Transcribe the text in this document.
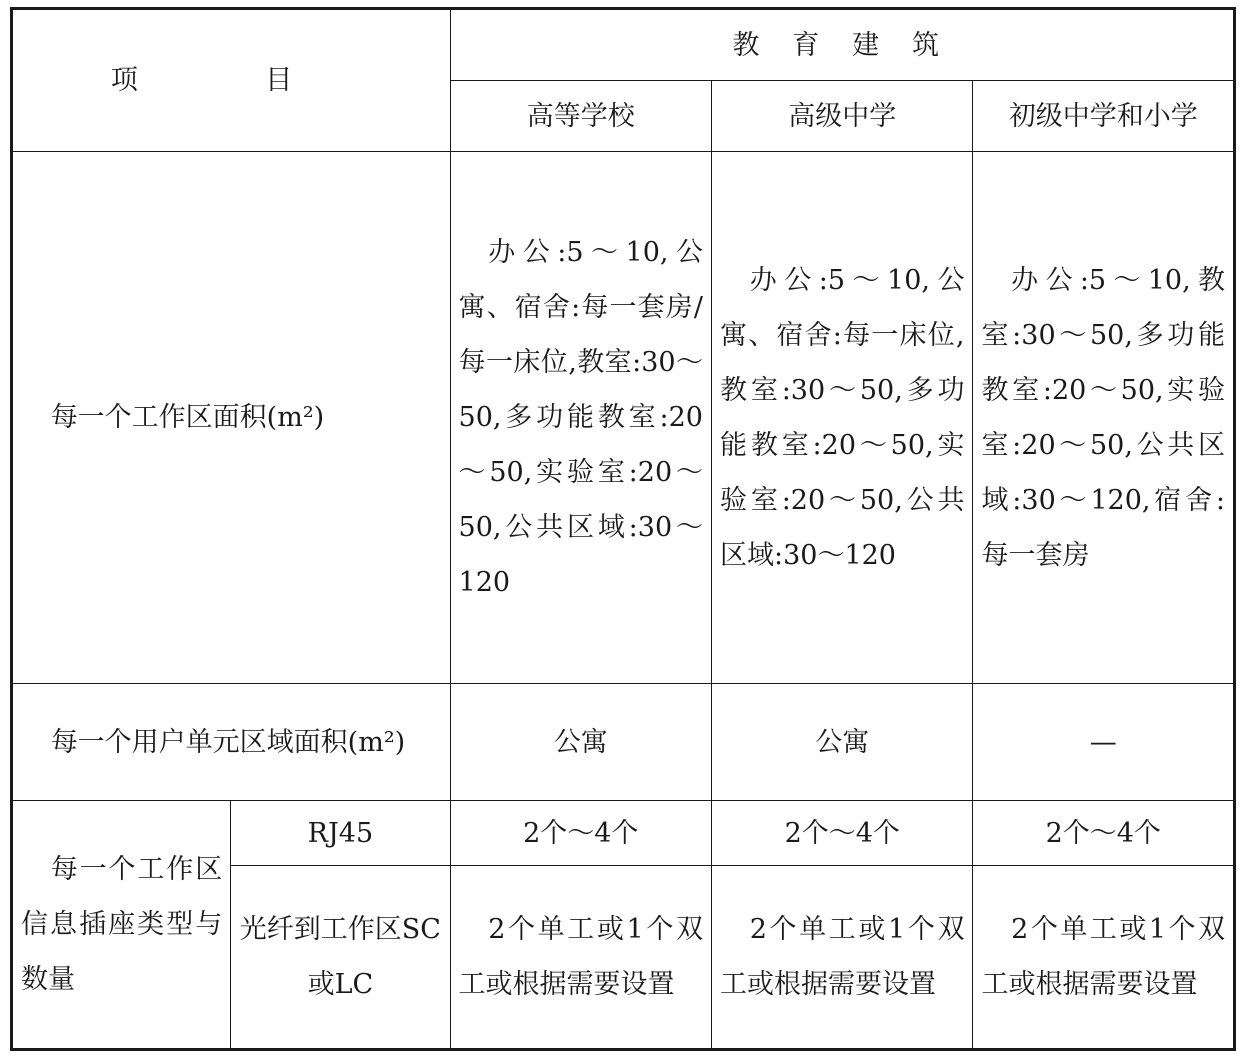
项 目		教 育 建 筑		
		高等学校	高级中学	初级中学和小学
每一个工作区面积(m²)		办公:5～10,公寓、宿舍:每一套房/每一床位,教室:30～50,多功能教室:20～50,实验室:20～50,公共区域:30～120	办公:5～10,公寓、宿舍:每一床位,教室:30～50,多功能教室:20～50,实验室:20～50,公共区域:30～120	办公:5～10,教室:30～50,多功能教室:20～50,实验室:20～50,公共区域:30～120,宿舍:每一套房
每一个用户单元区域面积(m²)		公寓	公寓	—
每一个工作区信息插座类型与数量	RJ45	2个～4个	2个～4个	2个～4个
	光纤到工作区SC或LC	2个单工或1个双工或根据需要设置	2个单工或1个双工或根据需要设置	2个单工或1个双工或根据需要设置
